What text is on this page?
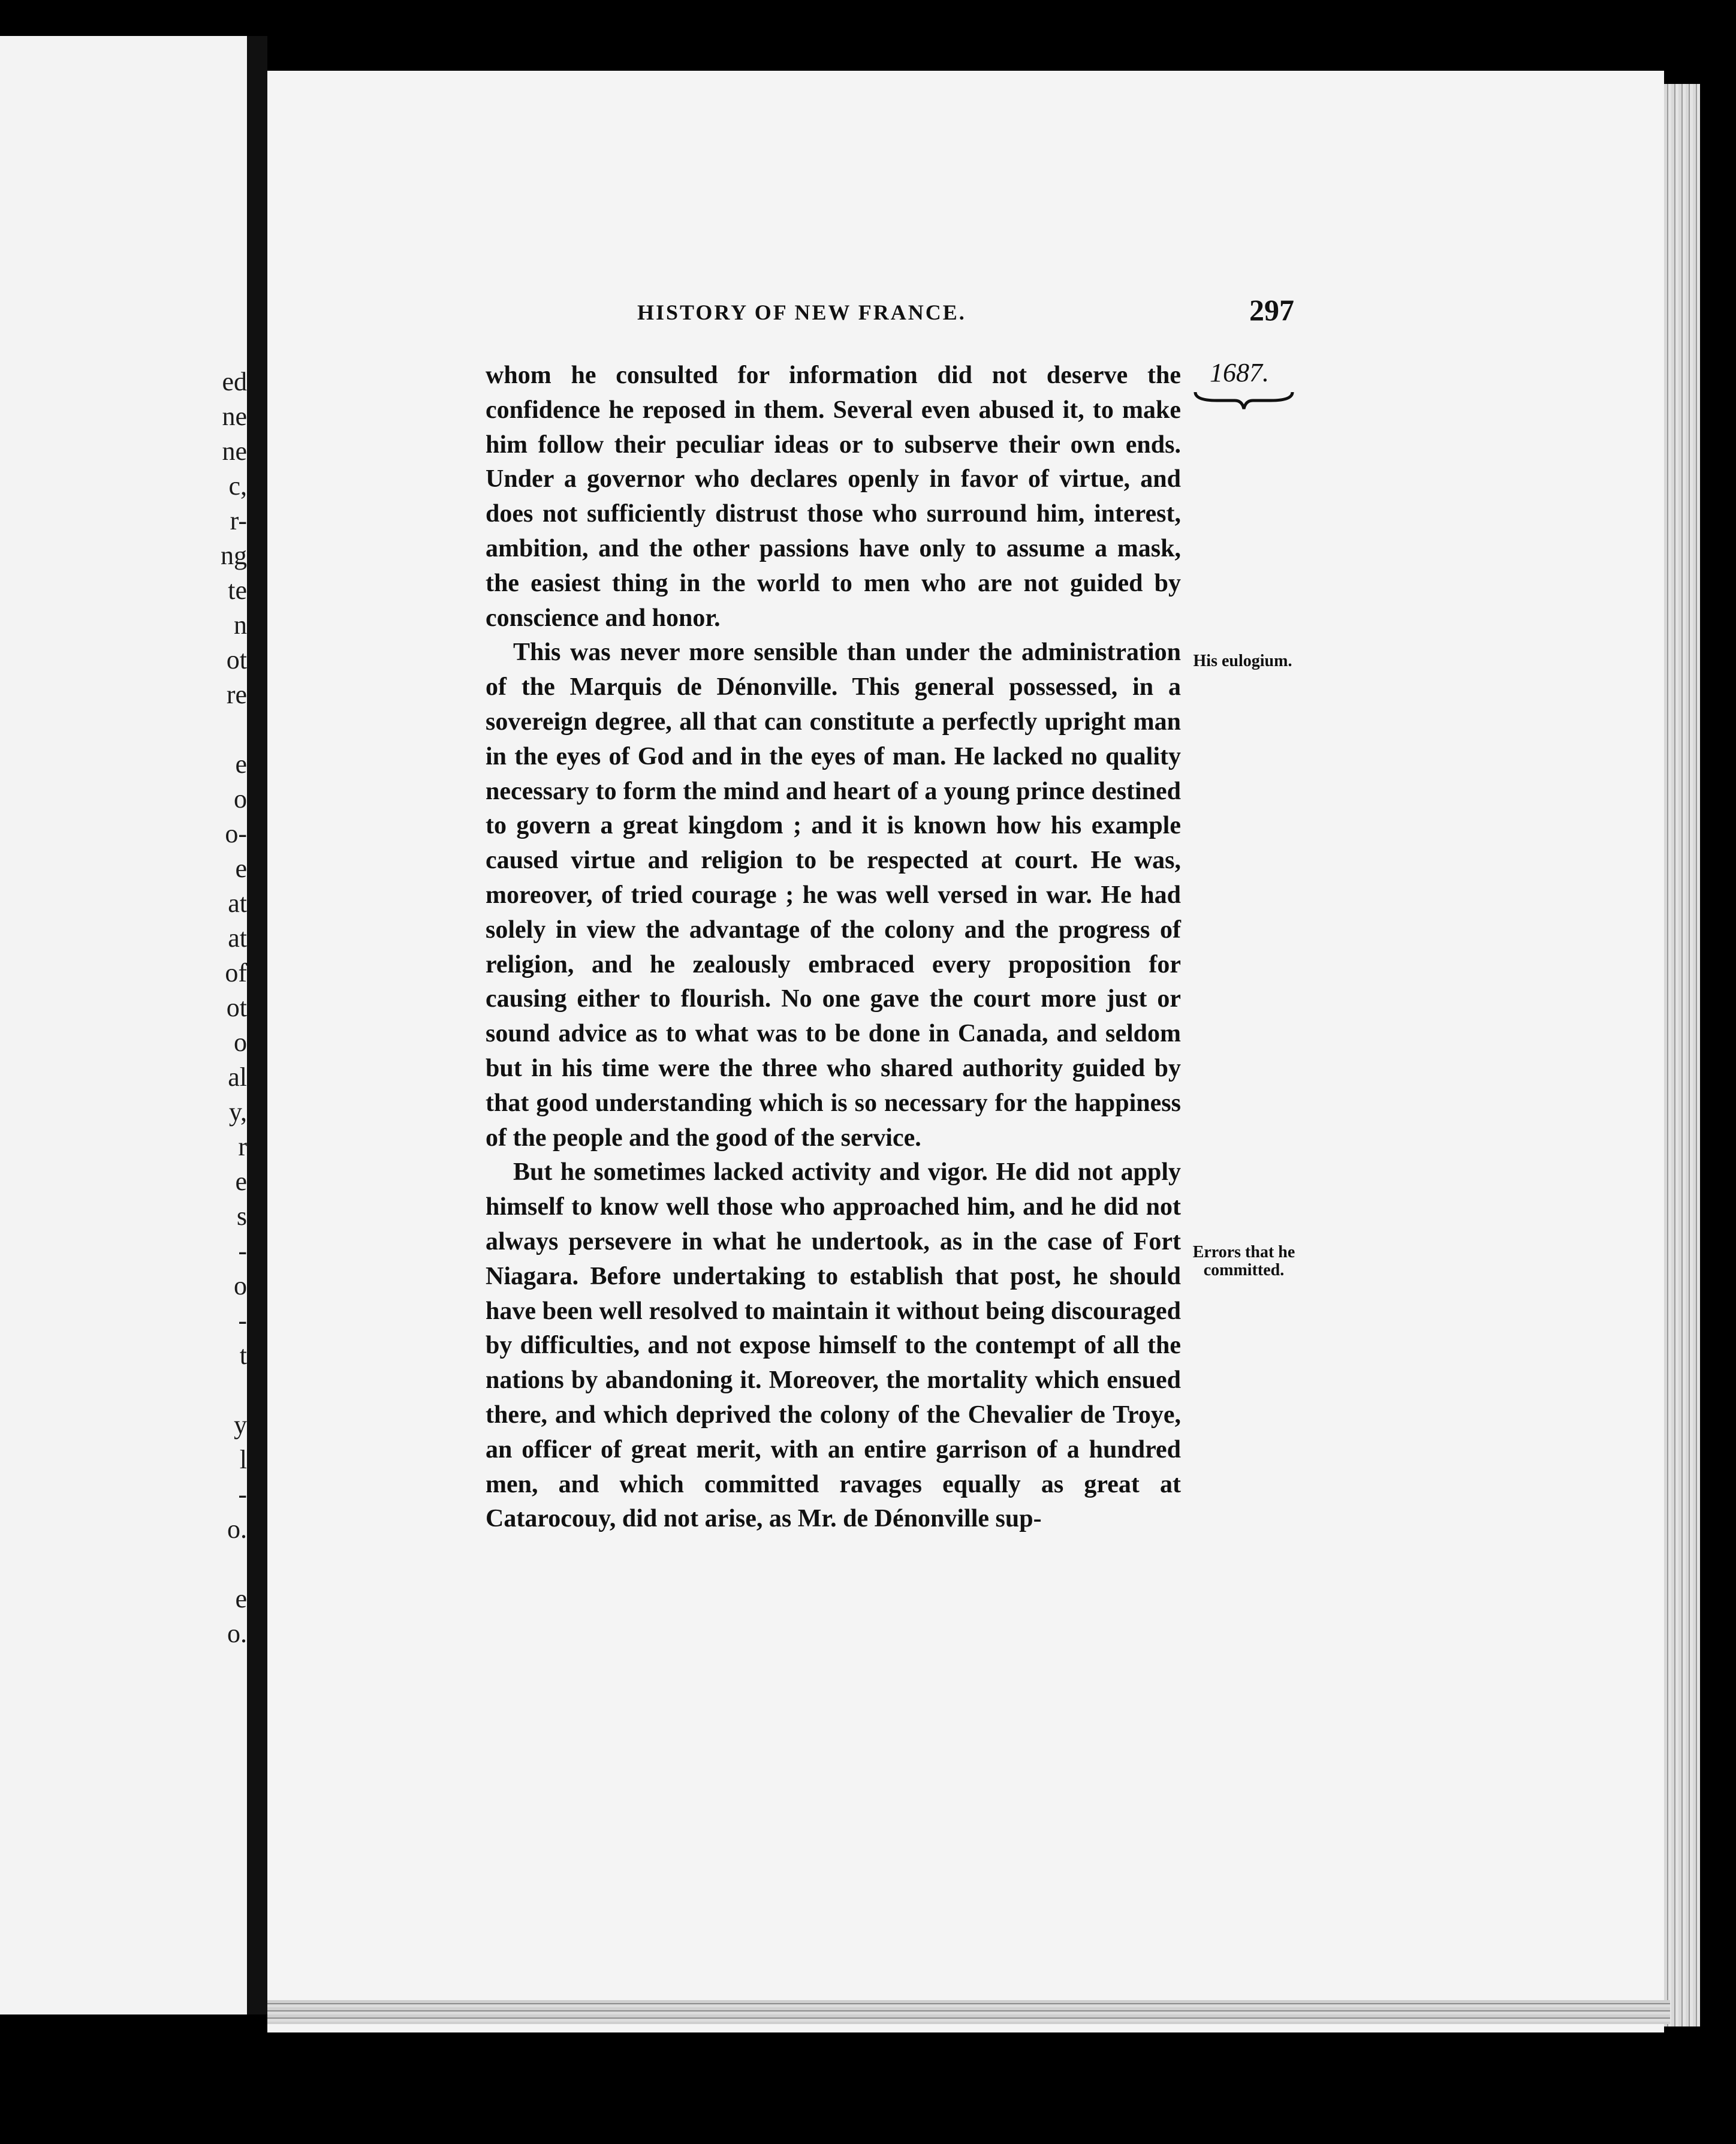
ed
ne
ne
c,
r-
ng
te
n
ot
re
e
o
o-
e
at
at
of
ot
o
al
y,
r
e
s
-
o
-
t
y
l
-
o.
e
o.
HISTORY OF NEW FRANCE.	297
1687.

whom he consulted for information did not deserve the confidence he reposed in them. Several even abused it, to make him follow their peculiar ideas or to subserve their own ends. Under a governor who declares openly in favor of virtue, and does not sufficiently distrust those who surround him, interest, ambition, and the other passions have only to assume a mask, the easiest thing in the world to men who are not guided by conscience and honor.

This was never more sensible than under the administration of the Marquis de Dénonville. This general possessed, in a sovereign degree, all that can constitute a perfectly upright man in the eyes of God and in the eyes of man. He lacked no quality necessary to form the mind and heart of a young prince destined to govern a great kingdom ; and it is known how his example caused virtue and religion to be respected at court. He was, moreover, of tried courage ; he was well versed in war. He had solely in view the advantage of the colony and the progress of religion, and he zealously embraced every proposition for causing either to flourish. No one gave the court more just or sound advice as to what was to be done in Canada, and seldom but in his time were the three who shared authority guided by that good understanding which is so necessary for the happiness of the people and the good of the service.

But he sometimes lacked activity and vigor. He did not apply himself to know well those who approached him, and he did not always persevere in what he undertook, as in the case of Fort Niagara. Before undertaking to establish that post, he should have been well resolved to maintain it without being discouraged by difficulties, and not expose himself to the contempt of all the nations by abandoning it. Moreover, the mortality which ensued there, and which deprived the colony of the Chevalier de Troye, an officer of great merit, with an entire garrison of a hundred men, and which committed ravages equally as great at Catarocouy, did not arise, as Mr. de Dénonville sup-

His eulogium.
Errors that he committed.
